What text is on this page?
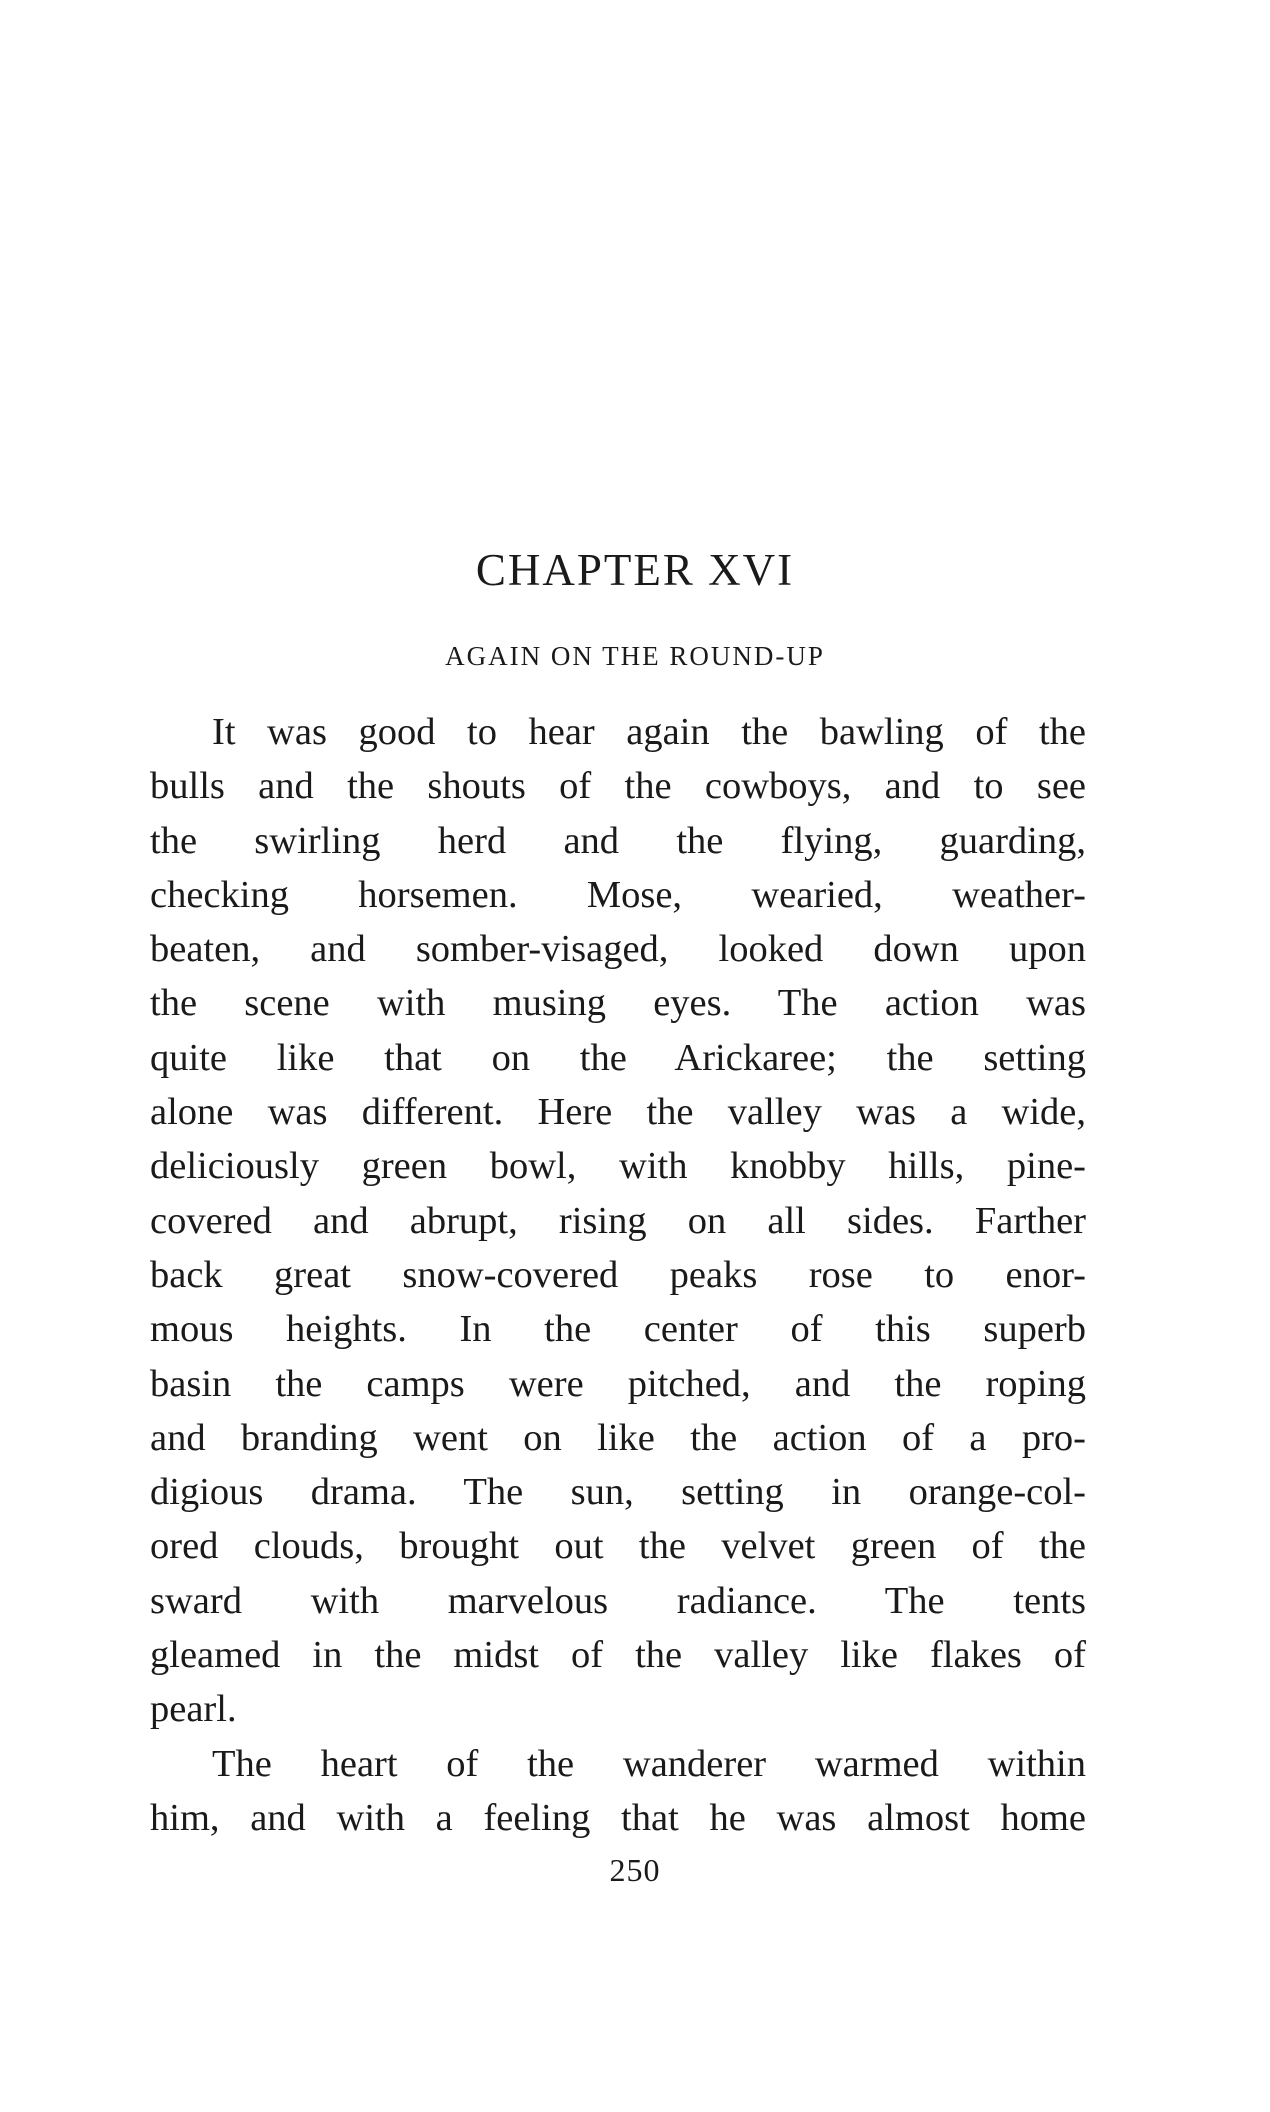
CHAPTER XVI
AGAIN ON THE ROUND-UP
It was good to hear again the bawling of the
bulls and the shouts of the cowboys, and to see
the swirling herd and the flying, guarding,
checking horsemen. Mose, wearied, weather-
beaten, and somber-visaged, looked down upon
the scene with musing eyes. The action was
quite like that on the Arickaree; the setting
alone was different. Here the valley was a wide,
deliciously green bowl, with knobby hills, pine-
covered and abrupt, rising on all sides. Farther
back great snow-covered peaks rose to enor-
mous heights. In the center of this superb
basin the camps were pitched, and the roping
and branding went on like the action of a pro-
digious drama. The sun, setting in orange-col-
ored clouds, brought out the velvet green of the
sward with marvelous radiance. The tents
gleamed in the midst of the valley like flakes of
pearl.
The heart of the wanderer warmed within
him, and with a feeling that he was almost home
250
